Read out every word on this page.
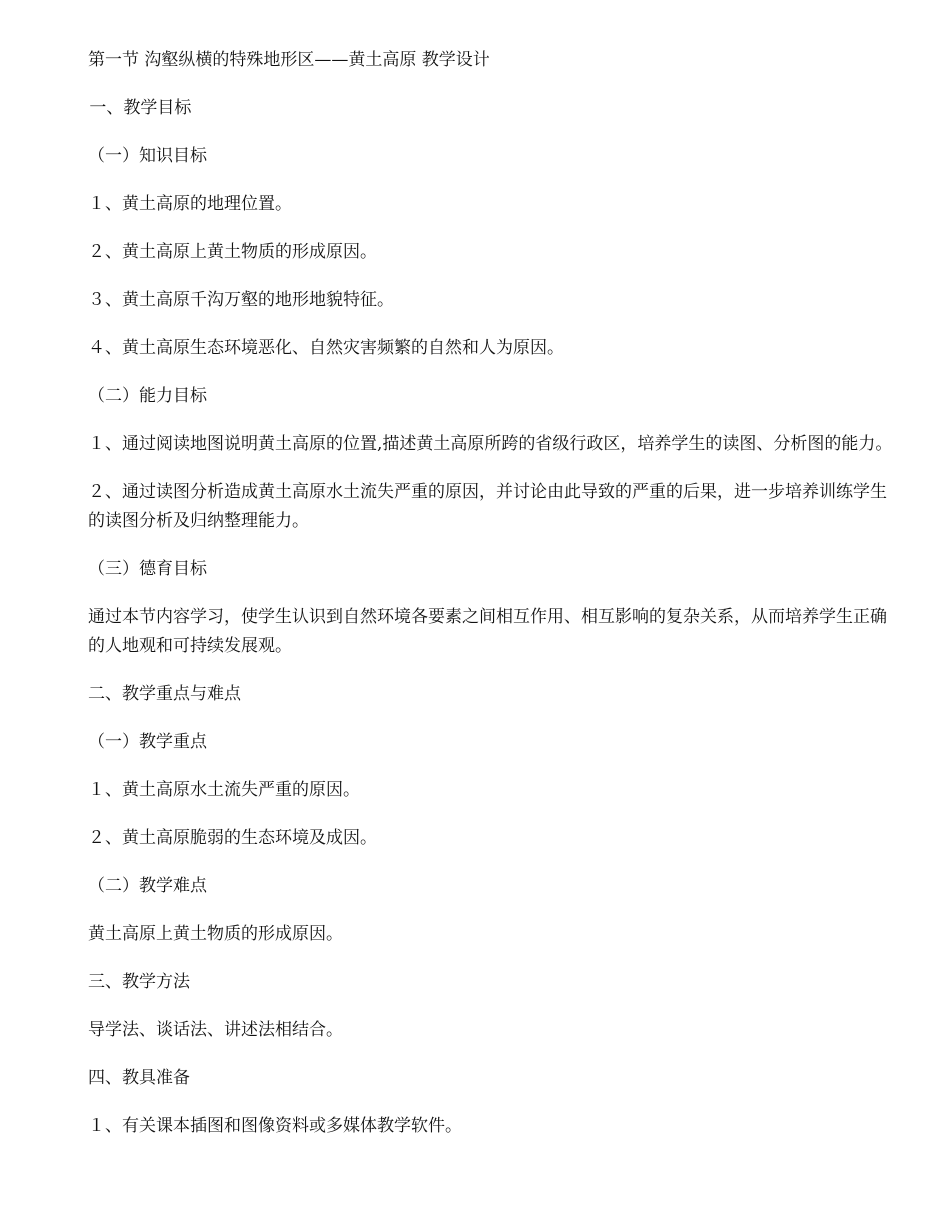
第一节 沟壑纵横的特殊地形区——黄土高原 教学设计

一、教学目标

（一）知识目标

１、黄土高原的地理位置。

２、黄土高原上黄土物质的形成原因。

３、黄土高原千沟万壑的地形地貌特征。

４、黄土高原生态环境恶化、自然灾害频繁的自然和人为原因。

（二）能力目标

１、通过阅读地图说明黄土高原的位置,描述黄土高原所跨的省级行政区，培养学生的读图、分析图的能力。

２、通过读图分析造成黄土高原水土流失严重的原因，并讨论由此导致的严重的后果，进一步培养训练学生的读图分析及归纳整理能力。

（三）德育目标

通过本节内容学习，使学生认识到自然环境各要素之间相互作用、相互影响的复杂关系，从而培养学生正确的人地观和可持续发展观。

二、教学重点与难点

（一）教学重点

１、黄土高原水土流失严重的原因。

２、黄土高原脆弱的生态环境及成因。

（二）教学难点

黄土高原上黄土物质的形成原因。

三、教学方法

导学法、谈话法、讲述法相结合。

四、教具准备

１、有关课本插图和图像资料或多媒体教学软件。
